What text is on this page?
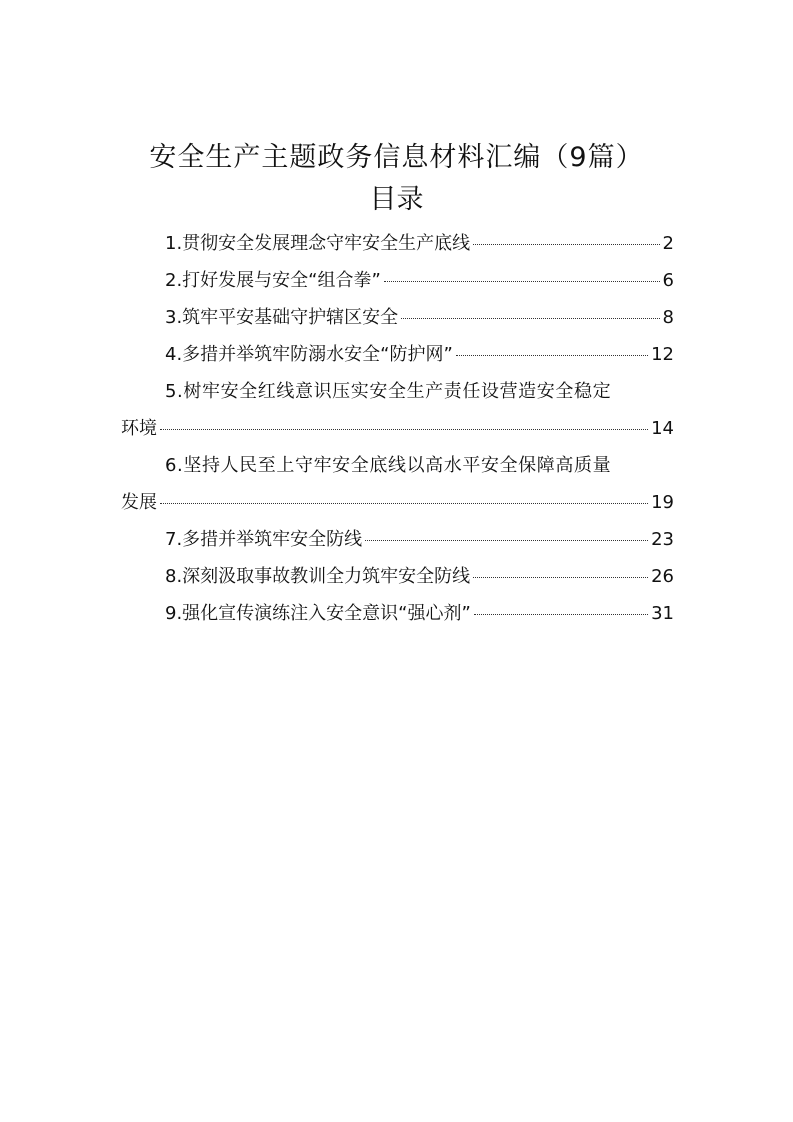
安全生产主题政务信息材料汇编（9篇）
目录
1.贯彻安全发展理念守牢安全生产底线	2
2.打好发展与安全“组合拳”	6
3.筑牢平安基础守护辖区安全	8
4.多措并举筑牢防溺水安全“防护网”	12
5.树牢安全红线意识压实安全生产责任设营造安全稳定
环境	14
6.坚持人民至上守牢安全底线以高水平安全保障高质量
发展	19
7.多措并举筑牢安全防线	23
8.深刻汲取事故教训全力筑牢安全防线	26
9.强化宣传演练注入安全意识“强心剂”	31
